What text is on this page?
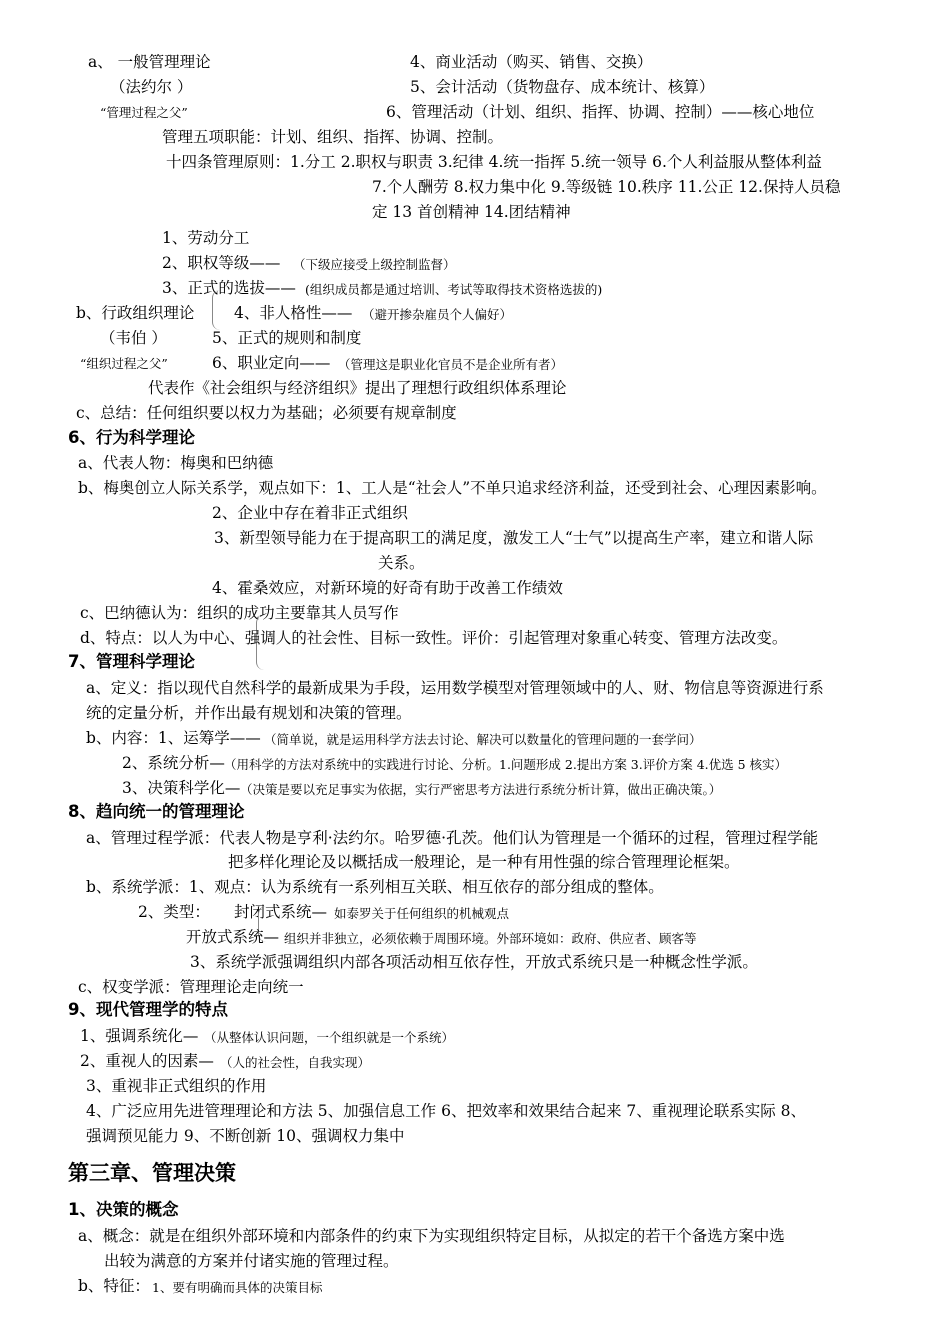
a、 一般管理理论	4、商业活动（购买、销售、交换）
（法约尔 ）	5、会计活动（货物盘存、成本统计、核算）
“管理过程之父”	6、管理活动（计划、组织、指挥、协调、控制）——核心地位
管理五项职能：计划、组织、指挥、协调、控制。
十四条管理原则：1.分工 2.职权与职责 3.纪律 4.统一指挥 5.统一领导 6.个人利益服从整体利益
7.个人酬劳 8.权力集中化 9.等级链 10.秩序 11.公正 12.保持人员稳
定 13 首创精神 14.团结精神
1、劳动分工
2、职权等级—— （下级应接受上级控制监督）
3、正式的选拔—— (组织成员都是通过培训、考试等取得技术资格选拔的)
b、行政组织理论	4、非人格性—— （避开掺杂雇员个人偏好）
（韦伯 ）	5、正式的规则和制度
“组织过程之父”	6、职业定向—— （管理这是职业化官员不是企业所有者）
代表作《社会组织与经济组织》提出了理想行政组织体系理论
c、总结：任何组织要以权力为基础；必须要有规章制度
6、行为科学理论
a、代表人物：梅奥和巴纳德
b、梅奥创立人际关系学，观点如下：1、工人是“社会人”不单只追求经济利益，还受到社会、心理因素影响。
2、企业中存在着非正式组织
3、新型领导能力在于提高职工的满足度，激发工人“士气”以提高生产率，建立和谐人际
关系。
4、霍桑效应，对新环境的好奇有助于改善工作绩效
c、巴纳德认为：组织的成功主要靠其人员写作
d、特点：以人为中心、强调人的社会性、目标一致性。评价：引起管理对象重心转变、管理方法改变。
7、管理科学理论
a、定义：指以现代自然科学的最新成果为手段，运用数学模型对管理领域中的人、财、物信息等资源进行系
统的定量分析，并作出最有规划和决策的管理。
b、内容：1、运筹学—— （简单说，就是运用科学方法去讨论、解决可以数量化的管理问题的一套学问）
2、系统分析— （用科学的方法对系统中的实践进行讨论、分析。1.问题形成 2.提出方案 3.评价方案 4.优选 5 核实）
3、决策科学化— （决策是要以充足事实为依据，实行严密思考方法进行系统分析计算，做出正确决策。）
8、趋向统一的管理理论
a、管理过程学派：代表人物是亨利·法约尔。哈罗德·孔茨。他们认为管理是一个循环的过程，管理过程学能
把多样化理论及以概括成一般理论，是一种有用性强的综合管理理论框架。
b、系统学派：1、观点：认为系统有一系列相互关联、相互依存的部分组成的整体。
2、类型： 封闭式系统— 如泰罗关于任何组织的机械观点
开放式系统— 组织并非独立，必须依赖于周围环境。外部环境如：政府、供应者、顾客等
3、系统学派强调组织内部各项活动相互依存性，开放式系统只是一种概念性学派。
c、权变学派：管理理论走向统一
9、现代管理学的特点
1、强调系统化— （从整体认识问题，一个组织就是一个系统）
2、重视人的因素— （人的社会性，自我实现）
3、重视非正式组织的作用
4、广泛应用先进管理理论和方法 5、加强信息工作 6、把效率和效果结合起来 7、重视理论联系实际 8、
强调预见能力 9、不断创新 10、强调权力集中
第三章、管理决策
1、决策的概念
a、概念：就是在组织外部环境和内部条件的约束下为实现组织特定目标，从拟定的若干个备选方案中选
出较为满意的方案并付诸实施的管理过程。
b、特征： 1、要有明确而具体的决策目标
